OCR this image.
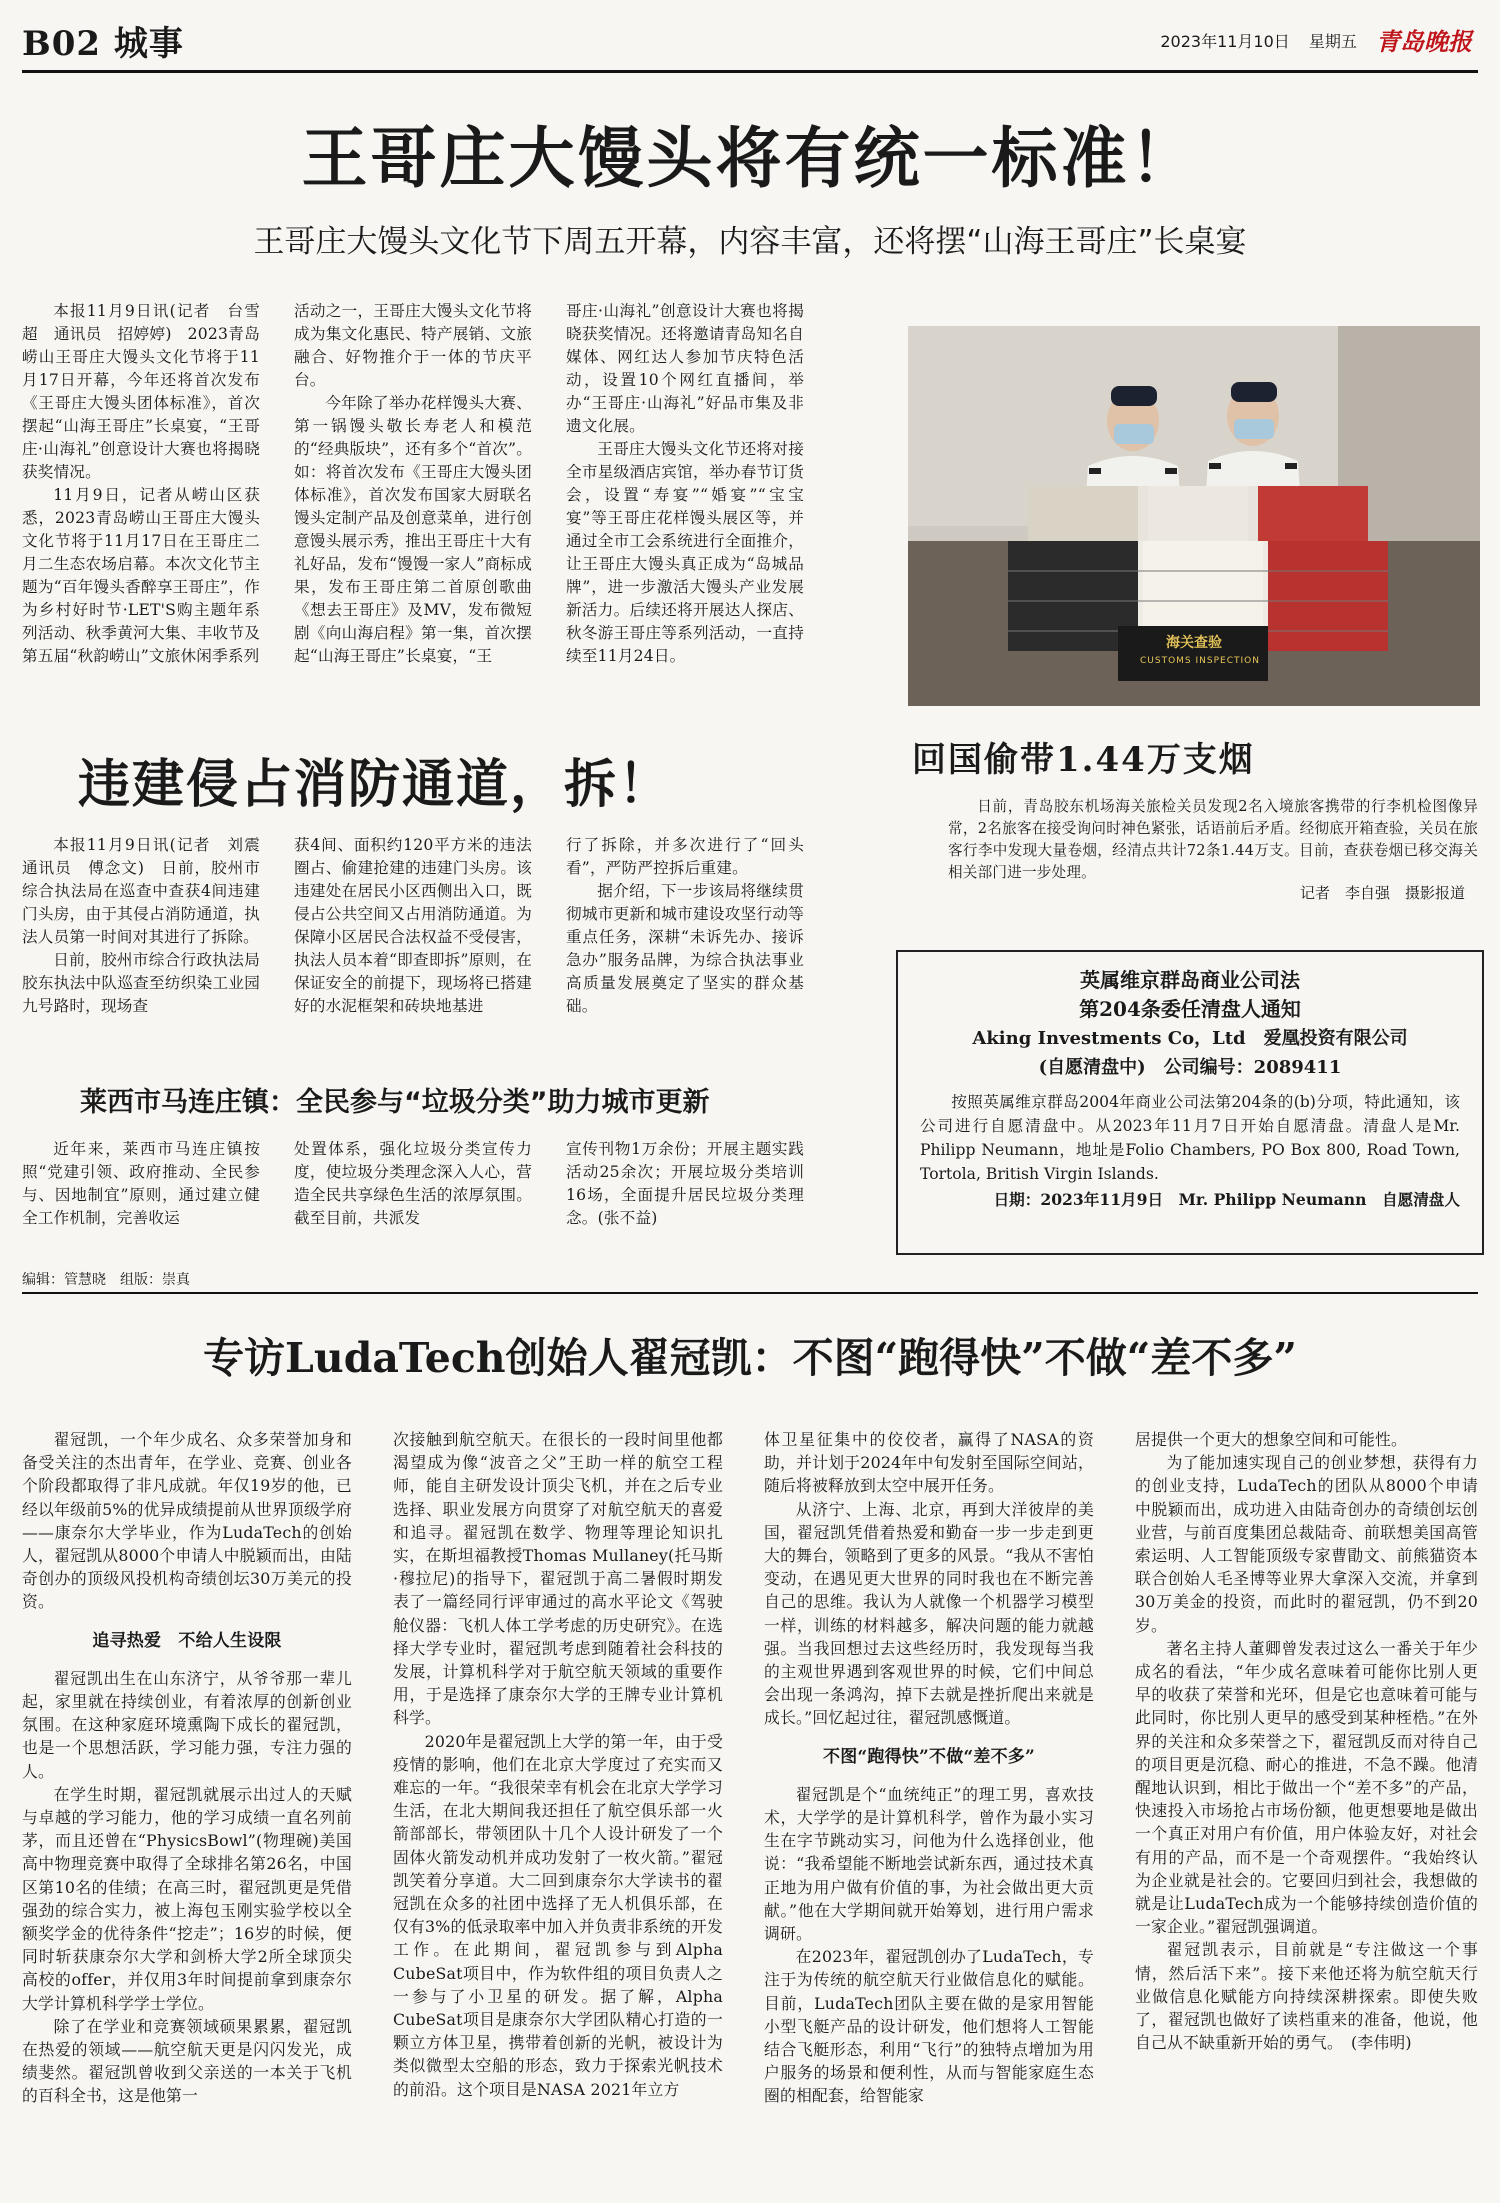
B02 城事	2023年11月10日 星期五 青岛晚报
王哥庄大馒头将有统一标准！
王哥庄大馒头文化节下周五开幕，内容丰富，还将摆“山海王哥庄”长桌宴

本报11月9日讯(记者　台雪超　通讯员　招婷婷)　2023青岛崂山王哥庄大馒头文化节将于11月17日开幕，今年还将首次发布《王哥庄大馒头团体标准》，首次摆起“山海王哥庄”长桌宴，“王哥庄·山海礼”创意设计大赛也将揭晓获奖情况。

11月9日，记者从崂山区获悉，2023青岛崂山王哥庄大馒头文化节将于11月17日在王哥庄二月二生态农场启幕。本次文化节主题为“百年馒头香醉享王哥庄”，作为乡村好时节·LET'S购主题年系列活动、秋季黄河大集、丰收节及第五届“秋韵崂山”文旅休闲季系列

活动之一，王哥庄大馒头文化节将成为集文化惠民、特产展销、文旅融合、好物推介于一体的节庆平台。

今年除了举办花样馒头大赛、第一锅馒头敬长寿老人和模范的“经典版块”，还有多个“首次”。如：将首次发布《王哥庄大馒头团体标准》，首次发布国家大厨联名馒头定制产品及创意菜单，进行创意馒头展示秀，推出王哥庄十大有礼好品，发布“馒馒一家人”商标成果，发布王哥庄第二首原创歌曲《想去王哥庄》及MV，发布微短剧《向山海启程》第一集，首次摆起“山海王哥庄”长桌宴，“王

哥庄·山海礼”创意设计大赛也将揭晓获奖情况。还将邀请青岛知名自媒体、网红达人参加节庆特色活动，设置10个网红直播间，举办“王哥庄·山海礼”好品市集及非遗文化展。

王哥庄大馒头文化节还将对接全市星级酒店宾馆，举办春节订货会，设置“寿宴”“婚宴”“宝宝宴”等王哥庄花样馒头展区等，并通过全市工会系统进行全面推介，让王哥庄大馒头真正成为“岛城品牌”，进一步激活大馒头产业发展新活力。后续还将开展达人探店、秋冬游王哥庄等系列活动，一直持续至11月24日。

海关查验
CUSTOMS INSPECTION
回国偷带1.44万支烟

日前，青岛胶东机场海关旅检关员发现2名入境旅客携带的行李机检图像异常，2名旅客在接受询问时神色紧张，话语前后矛盾。经彻底开箱查验，关员在旅客行李中发现大量卷烟，经清点共计72条1.44万支。目前，查获卷烟已移交海关相关部门进一步处理。

记者　李自强　摄影报道
违建侵占消防通道，拆！

本报11月9日讯(记者　刘震　通讯员　傅念文)　日前，胶州市综合执法局在巡查中查获4间违建门头房，由于其侵占消防通道，执法人员第一时间对其进行了拆除。

日前，胶州市综合行政执法局胶东执法中队巡查至纺织染工业园九号路时，现场查

获4间、面积约120平方米的违法圈占、偷建抢建的违建门头房。该违建处在居民小区西侧出入口，既侵占公共空间又占用消防通道。为保障小区居民合法权益不受侵害，执法人员本着“即查即拆”原则，在保证安全的前提下，现场将已搭建好的水泥框架和砖块地基进

行了拆除，并多次进行了“回头看”，严防严控拆后重建。

据介绍，下一步该局将继续贯彻城市更新和城市建设攻坚行动等重点任务，深耕“未诉先办、接诉急办”服务品牌，为综合执法事业高质量发展奠定了坚实的群众基础。

莱西市马连庄镇：全民参与“垃圾分类”助力城市更新

近年来，莱西市马连庄镇按照“党建引领、政府推动、全民参与、因地制宜”原则，通过建立健全工作机制，完善收运

处置体系，强化垃圾分类宣传力度，使垃圾分类理念深入人心，营造全民共享绿色生活的浓厚氛围。截至目前，共派发

宣传刊物1万余份；开展主题实践活动25余次；开展垃圾分类培训16场，全面提升居民垃圾分类理念。(张不益)

英属维京群岛商业公司法
第204条委任清盘人通知
Aking Investments Co，Ltd　爱凰投资有限公司
(自愿清盘中)　公司编号：2089411
按照英属维京群岛2004年商业公司法第204条的(b)分项，特此通知，该公司进行自愿清盘中。从2023年11月7日开始自愿清盘。清盘人是Mr. Philipp Neumann，地址是Folio Chambers, PO Box 800, Road Town, Tortola, British Virgin Islands.
日期：2023年11月9日　Mr. Philipp Neumann　自愿清盘人
编辑：管慧晓　组版：崇真
专访LudaTech创始人翟冠凯：不图“跑得快”不做“差不多”

翟冠凯，一个年少成名、众多荣誉加身和备受关注的杰出青年，在学业、竞赛、创业各个阶段都取得了非凡成就。年仅19岁的他，已经以年级前5%的优异成绩提前从世界顶级学府——康奈尔大学毕业，作为LudaTech的创始人，翟冠凯从8000个申请人中脱颖而出，由陆奇创办的顶级风投机构奇绩创坛30万美元的投资。

追寻热爱　不给人生设限

翟冠凯出生在山东济宁，从爷爷那一辈儿起，家里就在持续创业，有着浓厚的创新创业氛围。在这种家庭环境熏陶下成长的翟冠凯，也是一个思想活跃，学习能力强，专注力强的人。

在学生时期，翟冠凯就展示出过人的天赋与卓越的学习能力，他的学习成绩一直名列前茅，而且还曾在“PhysicsBowl”(物理碗)美国高中物理竞赛中取得了全球排名第26名，中国区第10名的佳绩；在高三时，翟冠凯更是凭借强劲的综合实力，被上海包玉刚实验学校以全额奖学金的优待条件“挖走”；16岁的时候，便同时斩获康奈尔大学和剑桥大学2所全球顶尖高校的offer，并仅用3年时间提前拿到康奈尔大学计算机科学学士学位。

除了在学业和竞赛领域硕果累累，翟冠凯在热爱的领域——航空航天更是闪闪发光，成绩斐然。翟冠凯曾收到父亲送的一本关于飞机的百科全书，这是他第一

次接触到航空航天。在很长的一段时间里他都渴望成为像“波音之父”王助一样的航空工程师，能自主研发设计顶尖飞机，并在之后专业选择、职业发展方向贯穿了对航空航天的喜爱和追寻。翟冠凯在数学、物理等理论知识扎实，在斯坦福教授Thomas Mullaney(托马斯·穆拉尼)的指导下，翟冠凯于高二暑假时期发表了一篇经同行评审通过的高水平论文《驾驶舱仪器：飞机人体工学考虑的历史研究》。在选择大学专业时，翟冠凯考虑到随着社会科技的发展，计算机科学对于航空航天领域的重要作用，于是选择了康奈尔大学的王牌专业计算机科学。

2020年是翟冠凯上大学的第一年，由于受疫情的影响，他们在北京大学度过了充实而又难忘的一年。“我很荣幸有机会在北京大学学习生活，在北大期间我还担任了航空俱乐部一火箭部部长，带领团队十几个人设计研发了一个固体火箭发动机并成功发射了一枚火箭。”翟冠凯笑着分享道。大二回到康奈尔大学读书的翟冠凯在众多的社团中选择了无人机俱乐部，在仅有3%的低录取率中加入并负责非系统的开发工作。在此期间，翟冠凯参与到Alpha CubeSat项目中，作为软件组的项目负责人之一参与了小卫星的研发。据了解，Alpha CubeSat项目是康奈尔大学团队精心打造的一颗立方体卫星，携带着创新的光帆，被设计为类似微型太空船的形态，致力于探索光帆技术的前沿。这个项目是NASA 2021年立方

体卫星征集中的佼佼者，赢得了NASA的资助，并计划于2024年中旬发射至国际空间站，随后将被释放到太空中展开任务。

从济宁、上海、北京，再到大洋彼岸的美国，翟冠凯凭借着热爱和勤奋一步一步走到更大的舞台，领略到了更多的风景。“我从不害怕变动，在遇见更大世界的同时我也在不断完善自己的思维。我认为人就像一个机器学习模型一样，训练的材料越多，解决问题的能力就越强。当我回想过去这些经历时，我发现每当我的主观世界遇到客观世界的时候，它们中间总会出现一条鸿沟，掉下去就是挫折爬出来就是成长。”回忆起过往，翟冠凯感慨道。

不图“跑得快”不做“差不多”

翟冠凯是个“血统纯正”的理工男，喜欢技术，大学学的是计算机科学，曾作为最小实习生在字节跳动实习，问他为什么选择创业，他说：“我希望能不断地尝试新东西，通过技术真正地为用户做有价值的事，为社会做出更大贡献。”他在大学期间就开始筹划，进行用户需求调研。

在2023年，翟冠凯创办了LudaTech，专注于为传统的航空航天行业做信息化的赋能。目前，LudaTech团队主要在做的是家用智能小型飞艇产品的设计研发，他们想将人工智能结合飞艇形态，利用“飞行”的独特点增加为用户服务的场景和便利性，从而与智能家庭生态圈的相配套，给智能家

居提供一个更大的想象空间和可能性。

为了能加速实现自己的创业梦想，获得有力的创业支持，LudaTech的团队从8000个申请中脱颖而出，成功进入由陆奇创办的奇绩创坛创业营，与前百度集团总裁陆奇、前联想美国高管索运明、人工智能顶级专家曹勖文、前熊猫资本联合创始人毛圣博等业界大拿深入交流，并拿到30万美金的投资，而此时的翟冠凯，仍不到20岁。

著名主持人董卿曾发表过这么一番关于年少成名的看法，“年少成名意味着可能你比别人更早的收获了荣誉和光环，但是它也意味着可能与此同时，你比别人更早的感受到某种桎梏。”在外界的关注和众多荣誉之下，翟冠凯反而对待自己的项目更是沉稳、耐心的推进，不急不躁。他清醒地认识到，相比于做出一个“差不多”的产品，快速投入市场抢占市场份额，他更想要地是做出一个真正对用户有价值，用户体验友好，对社会有用的产品，而不是一个奇观摆件。“我始终认为企业就是社会的。它要回归到社会，我想做的就是让LudaTech成为一个能够持续创造价值的一家企业。”翟冠凯强调道。

翟冠凯表示，目前就是“专注做这一个事情，然后活下来”。接下来他还将为航空航天行业做信息化赋能方向持续深耕探索。即使失败了，翟冠凯也做好了读档重来的准备，他说，他自己从不缺重新开始的勇气。　(李伟明)
